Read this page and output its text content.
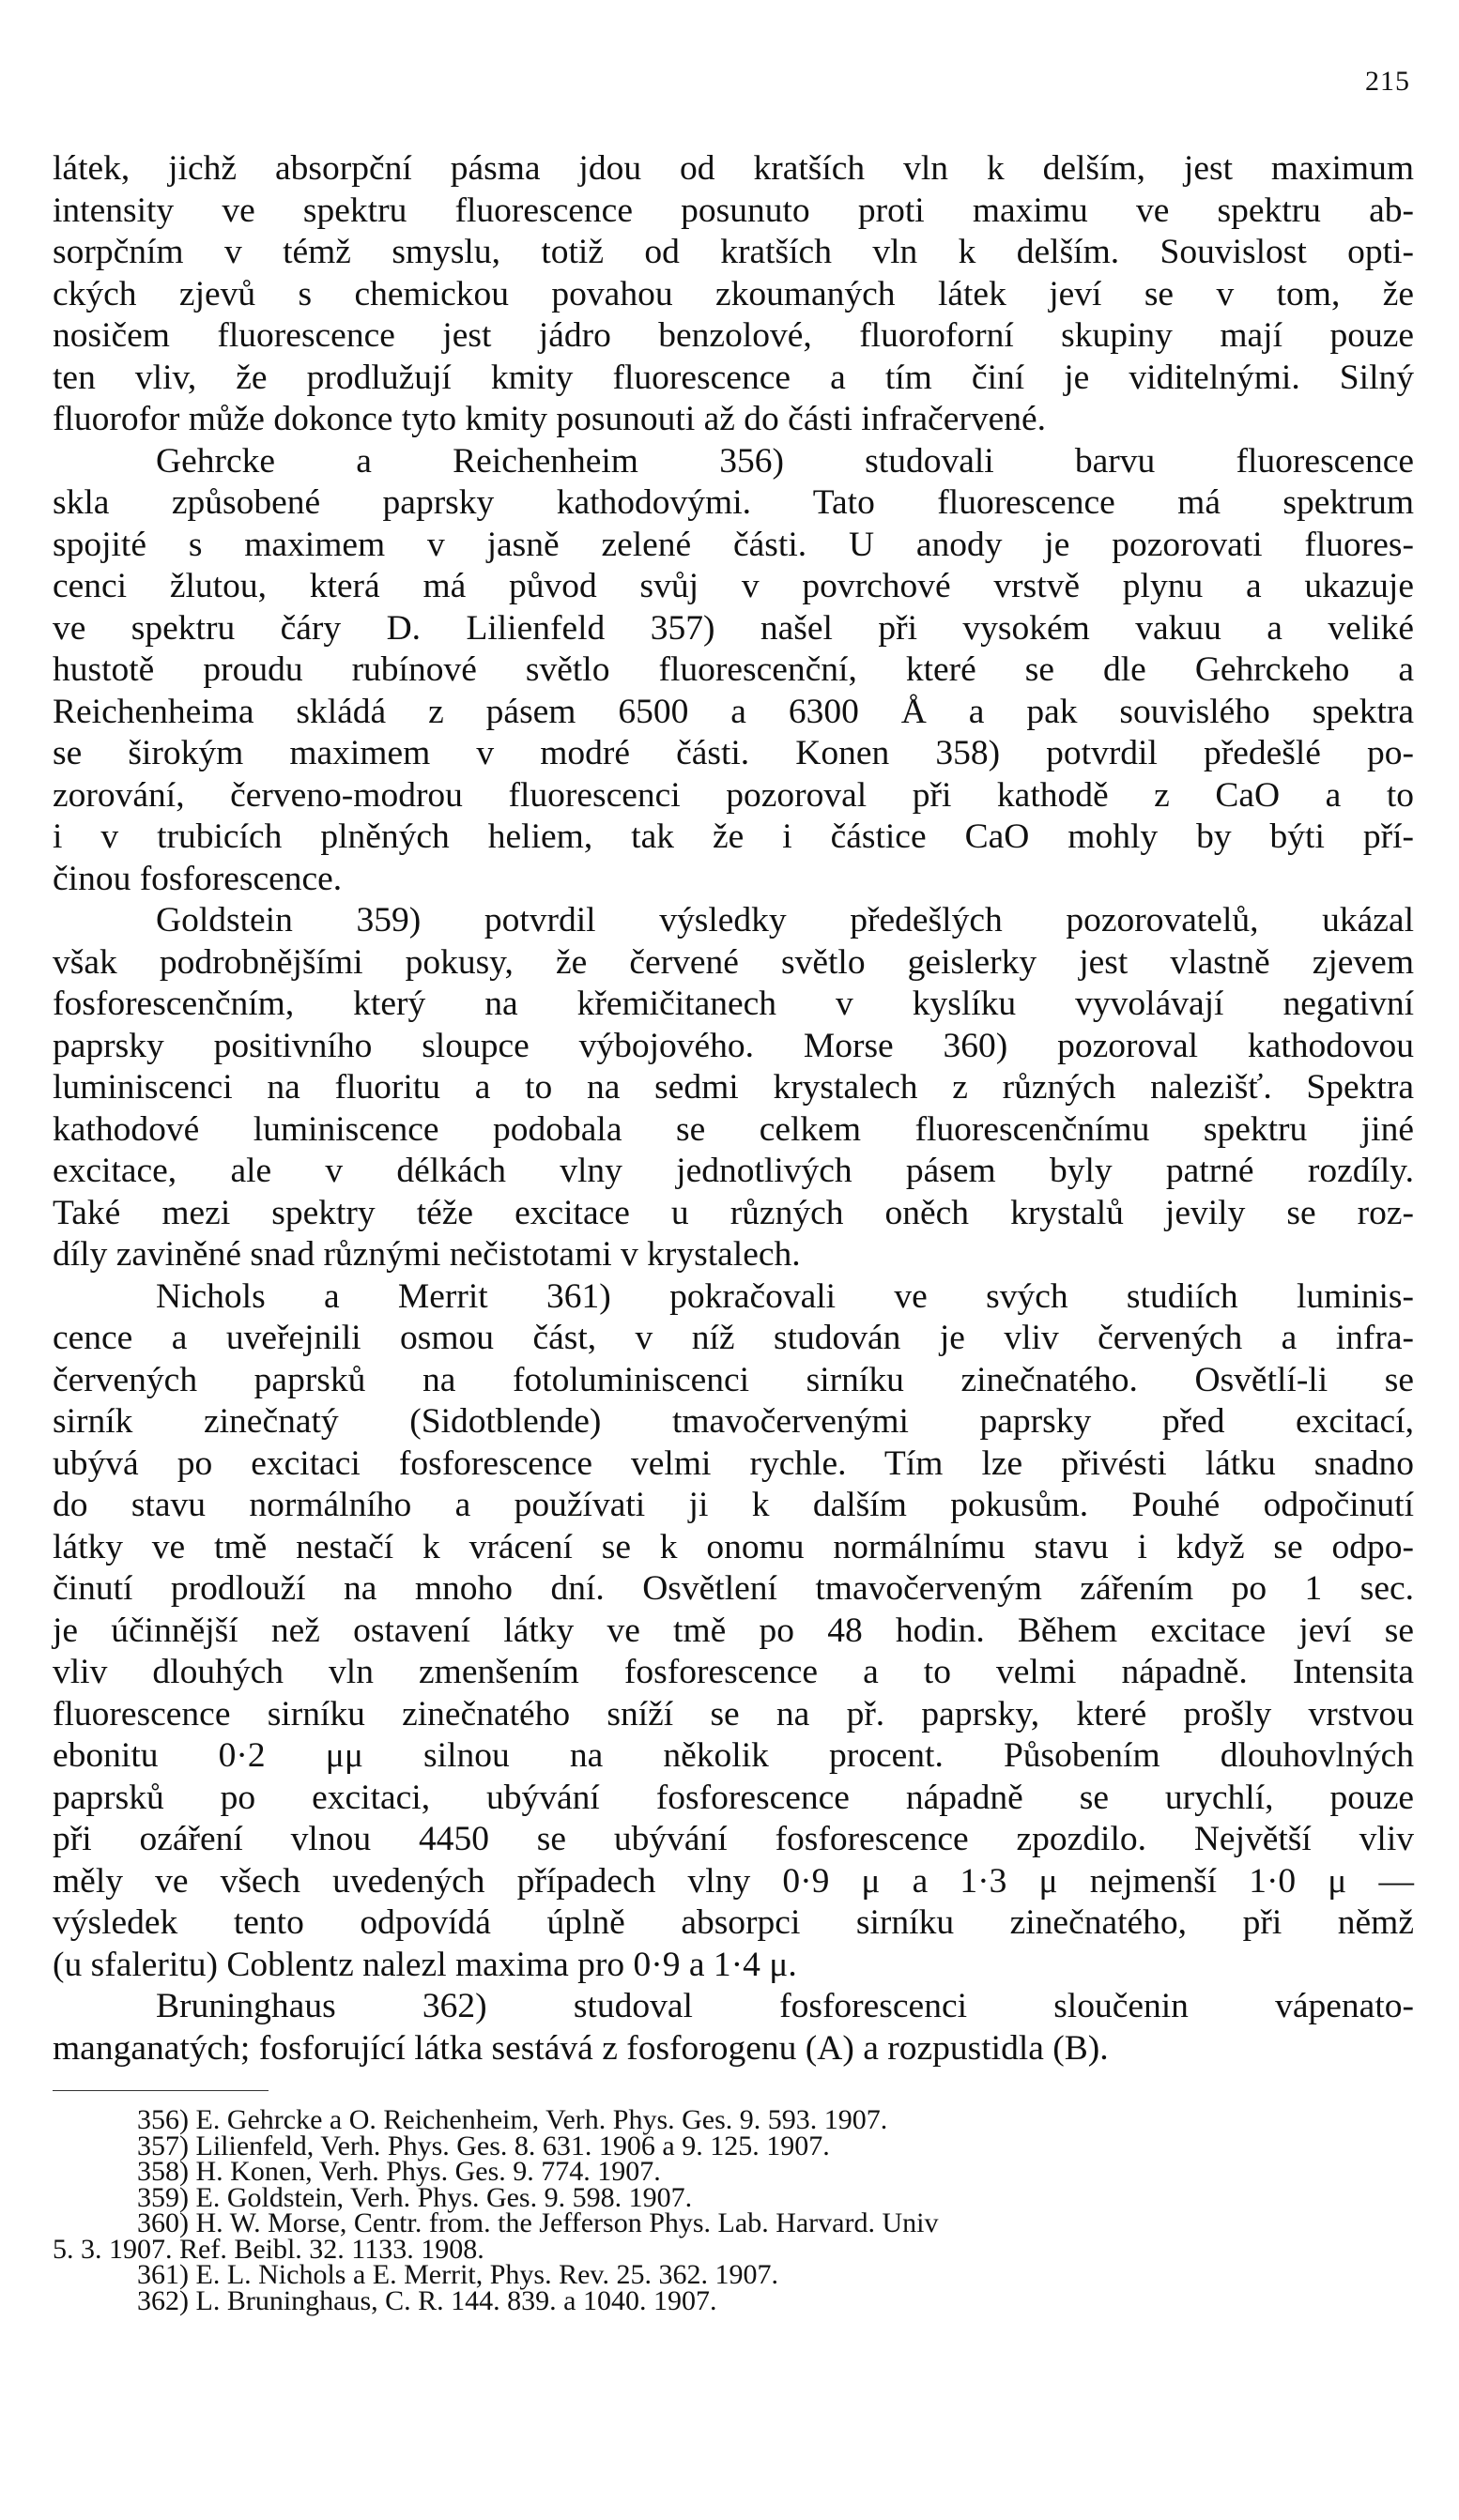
215
látek, jichž absorpční pásma jdou od kratších vln k delším, jest maximum
intensity ve spektru fluorescence posunuto proti maximu ve spektru ab-
sorpčním v témž smyslu, totiž od kratších vln k delším. Souvislost opti-
ckých zjevů s chemickou povahou zkoumaných látek jeví se v tom, že
nosičem fluorescence jest jádro benzolové, fluoroforní skupiny mají pouze
ten vliv, že prodlužují kmity fluorescence a tím činí je viditelnými. Silný
fluorofor může dokonce tyto kmity posunouti až do části infračervené.
Gehrcke a Reichenheim 356) studovali barvu fluorescence
skla způsobené paprsky kathodovými. Tato fluorescence má spektrum
spojité s maximem v jasně zelené části. U anody je pozorovati fluores-
cenci žlutou, která má původ svůj v povrchové vrstvě plynu a ukazuje
ve spektru čáry D. Lilienfeld 357) našel při vysokém vakuu a veliké
hustotě proudu rubínové světlo fluorescenční, které se dle Gehrckeho a
Reichenheima skládá z pásem 6500 a 6300 Å a pak souvislého spektra
se širokým maximem v modré části. Konen 358) potvrdil předešlé po-
zorování, červeno-modrou fluorescenci pozoroval při kathodě z CaO a to
i v trubicích plněných heliem, tak že i částice CaO mohly by býti pří-
činou fosforescence.
Goldstein 359) potvrdil výsledky předešlých pozorovatelů, ukázal
však podrobnějšími pokusy, že červené světlo geislerky jest vlastně zjevem
fosforescenčním, který na křemičitanech v kyslíku vyvolávají negativní
paprsky positivního sloupce výbojového. Morse 360) pozoroval kathodovou
luminiscenci na fluoritu a to na sedmi krystalech z různých nalezišť. Spektra
kathodové luminiscence podobala se celkem fluorescenčnímu spektru jiné
excitace, ale v délkách vlny jednotlivých pásem byly patrné rozdíly.
Také mezi spektry téže excitace u různých oněch krystalů jevily se roz-
díly zaviněné snad různými nečistotami v krystalech.
Nichols a Merrit 361) pokračovali ve svých studiích luminis-
cence a uveřejnili osmou část, v níž studován je vliv červených a infra-
červených paprsků na fotoluminiscenci sirníku zinečnatého. Osvětlí-li se
sirník zinečnatý (Sidotblende) tmavočervenými paprsky před excitací,
ubývá po excitaci fosforescence velmi rychle. Tím lze přivésti látku snadno
do stavu normálního a používati ji k dalším pokusům. Pouhé odpočinutí
látky ve tmě nestačí k vrácení se k onomu normálnímu stavu i když se odpo-
činutí prodlouží na mnoho dní. Osvětlení tmavočerveným zářením po 1 sec.
je účinnější než ostavení látky ve tmě po 48 hodin. Během excitace jeví se
vliv dlouhých vln zmenšením fosforescence a to velmi nápadně. Intensita
fluorescence sirníku zinečnatého sníží se na př. paprsky, které prošly vrstvou
ebonitu 0·2 μμ silnou na několik procent. Působením dlouhovlných
paprsků po excitaci, ubývání fosforescence nápadně se urychlí, pouze
při ozáření vlnou 4450 se ubývání fosforescence zpozdilo. Největší vliv
měly ve všech uvedených případech vlny 0·9 μ a 1·3 μ nejmenší 1·0 μ —
výsledek tento odpovídá úplně absorpci sirníku zinečnatého, při němž
(u sfaleritu) Coblentz nalezl maxima pro 0·9 a 1·4 μ.
Bruninghaus 362) studoval fosforescenci sloučenin vápenato-
manganatých; fosforující látka sestává z fosforogenu (A) a rozpustidla (B).
356) E. Gehrcke a O. Reichenheim, Verh. Phys. Ges. 9. 593. 1907.
357) Lilienfeld, Verh. Phys. Ges. 8. 631. 1906 a 9. 125. 1907.
358) H. Konen, Verh. Phys. Ges. 9. 774. 1907.
359) E. Goldstein, Verh. Phys. Ges. 9. 598. 1907.
360) H. W. Morse, Centr. from. the Jefferson Phys. Lab. Harvard. Univ
5. 3. 1907. Ref. Beibl. 32. 1133. 1908.
361) E. L. Nichols a E. Merrit, Phys. Rev. 25. 362. 1907.
362) L. Bruninghaus, C. R. 144. 839. a 1040. 1907.
